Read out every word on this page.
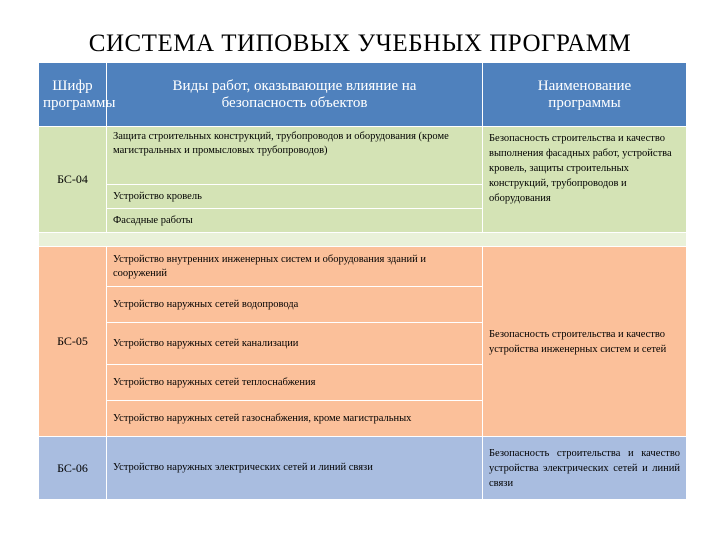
СИСТЕМА ТИПОВЫХ УЧЕБНЫХ ПРОГРАММ
Шифр программы	Виды работ, оказывающие влияние на безопасность объектов	Наименование программы
БС-04	Защита строительных конструкций, трубопроводов и оборудования (кроме магистральных и промысловых трубопроводов)	Безопасность строительства и качество выполнения фасадных работ, устройства кровель, защиты строительных конструкций, трубопроводов и оборудования
	Устройство кровель	
	Фасадные работы	

БС-05	Устройство внутренних инженерных систем и оборудования зданий и сооружений	Безопасность строительства и качество устройства инженерных систем и сетей
	Устройство наружных сетей водопровода	
	Устройство наружных сетей канализации	
	Устройство наружных сетей теплоснабжения	
	Устройство наружных сетей газоснабжения, кроме магистральных	
БС-06	Устройство наружных электрических сетей и линий связи	Безопасность строительства и качество устройства электрических сетей и линий связи
